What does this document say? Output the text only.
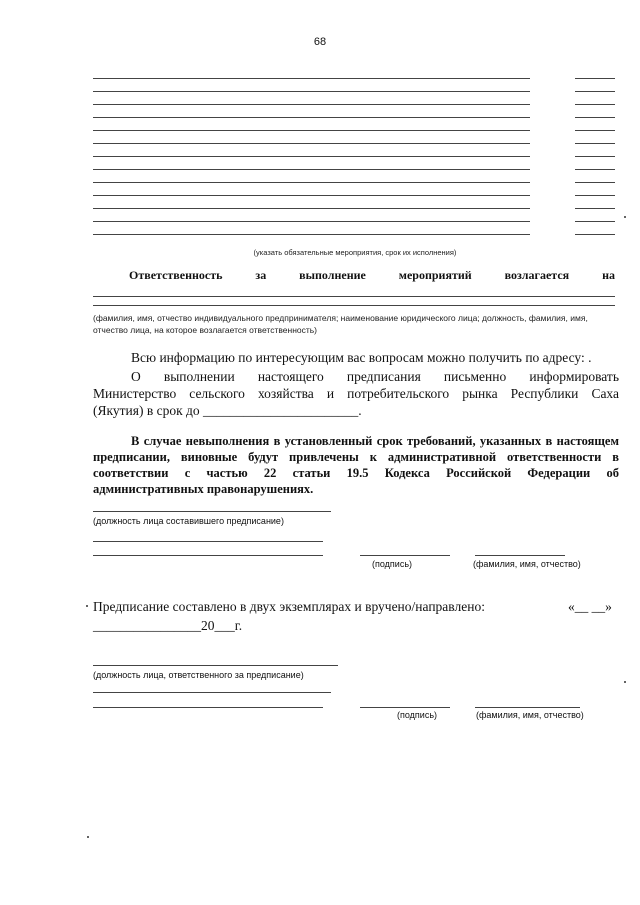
68
(указать обязательные мероприятия, срок их исполнения)
Ответственность	за	выполнение	мероприятий	возлагается	на
(фамилия, имя, отчество индивидуального предпринимателя; наименование юридического лица; должность, фамилия, имя, отчество лица, на которое возлагается ответственность)
Всю информацию по интересующим вас вопросам можно получить по адресу: .
О выполнении настоящего предписания письменно информировать
Министерство сельского хозяйства и потребительского рынка Республики Саха
(Якутия) в срок до _______________________.
В случае невыполнения в установленный срок требований, указанных в настоящем
предписании, виновные будут привлечены к административной ответственности в
соответствии с частью 22 статьи 19.5 Кодекса Российской Федерации об
административных правонарушениях.
(должность лица составившего предписание)
(подпись)	(фамилия, имя, отчество)
Предписание составлено в двух экземплярах и вручено/направлено:	«__ __»
________________20___г.
(должность лица, ответственного за предписание)
(подпись)	(фамилия, имя, отчество)
